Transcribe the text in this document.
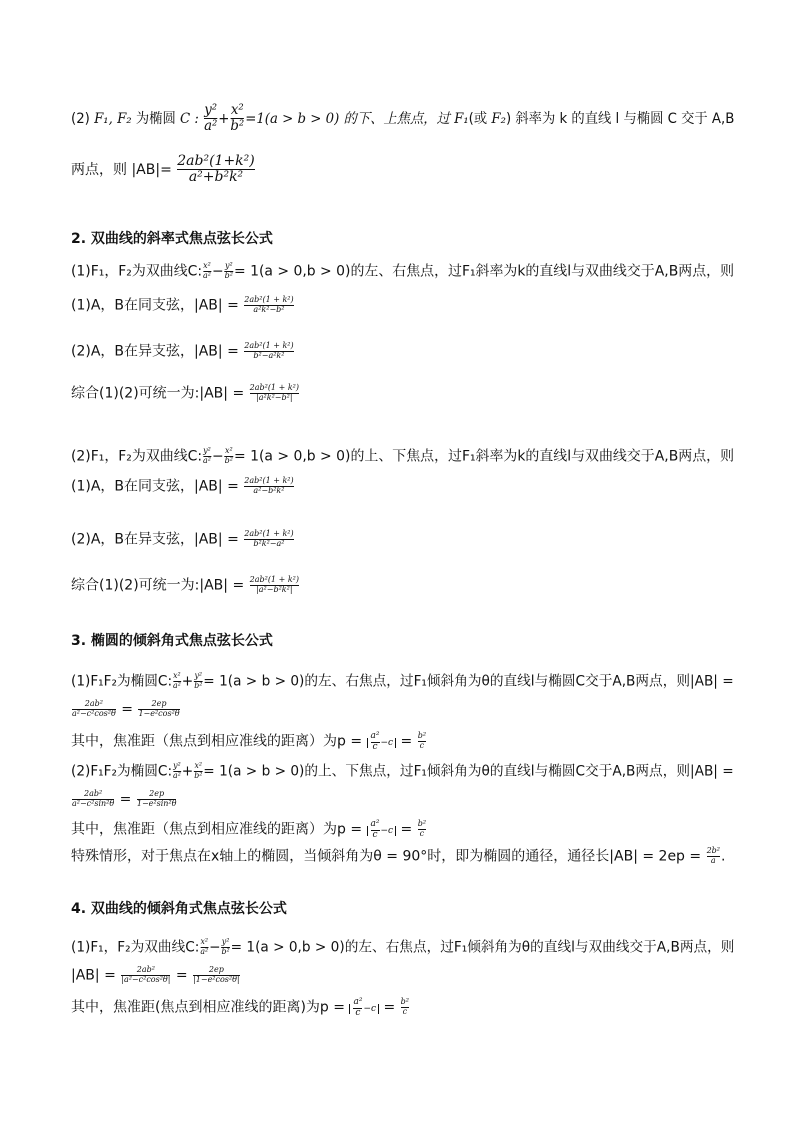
(2) F₁, F₂ 为椭圆 C : $\frac{\text{y²}}{\text{a²}} + \frac{\text{x²}}{\text{b²}} =1(a > b > 0)$ 的下、上焦点，过 F₁(或 F₂) 斜率为 k 的直线 l 与椭圆 C 交于 A,B
两点，则 $|AB|= \frac{\text{2ab²(1+k²)}}{\text{a²+b²k²}}$
2. 双曲线的斜率式焦点弦长公式
(1)F₁，F₂为双曲线C: $\frac{\text{x²}}{\text{a²}} - \frac{\text{y²}}{\text{b²}} = 1(a > 0,b > 0)$的左、右焦点，过F₁斜率为k的直线l与双曲线交于A,B两点，则
(1)A，B在同支弦，$|AB| = \frac{\text{2ab²(1 + k²)}}{\text{a²k²−b²}}$
(2)A，B在异支弦，$|AB| = \frac{\text{2ab²(1 + k²)}}{\text{b²−a²k²}}$
综合(1)(2)可统一为:|AB| = $\frac{\text{2ab²(1 + k²)}}{\text{|a²k²−b²|}}$
(2)F₁，F₂为双曲线C: $\frac{\text{y²}}{\text{a²}} - \frac{\text{x²}}{\text{b²}} = 1(a > 0,b > 0)$的上、下焦点，过F₁斜率为k的直线l与双曲线交于A,B两点，则
(1)A，B在同支弦，$|AB| = \frac{\text{2ab²(1 + k²)}}{\text{a²−b²k²}}$
(2)A，B在异支弦，$|AB| = \frac{\text{2ab²(1 + k²)}}{\text{b²k²−a²}}$
综合(1)(2)可统一为:|AB| = $\frac{\text{2ab²(1 + k²)}}{\text{|a²−b²k²|}}$
3. 椭圆的倾斜角式焦点弦长公式
(1)F₁F₂为椭圆C: $\frac{\text{x²}}{\text{a²}} + \frac{\text{y²}}{\text{b²}} = 1(a > b > 0)$的左、右焦点，过F₁倾斜角为θ的直线l与椭圆C交于A,B两点，则|AB| =
$\frac{\text{2ab²}}{\text{a²−c²cos²θ}} = \frac{2ep}{\text{1−e²cos²θ}}$
其中，焦准距（焦点到相应准线的距离）为$p = \frac{\text{a²}}{c} -c = \frac{\text{b²}}{c}$
(2)F₁F₂为椭圆C: $\frac{\text{y²}}{\text{a²}} + \frac{\text{x²}}{\text{b²}} = 1(a > b > 0)$的上、下焦点，过F₁倾斜角为θ的直线l与椭圆C交于A,B两点，则|AB| =
$\frac{\text{2ab²}}{\text{a²−c²sin²θ}} = \frac{2ep}{\text{1−e²sin²θ}}$
其中，焦准距（焦点到相应准线的距离）为$p = \frac{\text{a²}}{c} -c = \frac{\text{b²}}{c}$
特殊情形，对于焦点在x轴上的椭圆，当倾斜角为θ = 90°时，即为椭圆的通径，通径长$|AB| = 2ep = \frac{\text{2b²}}{a}$ .
4. 双曲线的倾斜角式焦点弦长公式
(1)F₁，F₂为双曲线C: $\frac{\text{x²}}{\text{a²}} - \frac{\text{y²}}{\text{b²}} = 1(a > 0,b > 0)$的左、右焦点，过F₁倾斜角为θ的直线l与双曲线交于A,B两点，则
$|AB| = \frac{\text{2ab²}}{\text{|a²−c²cos²θ|}} = \frac{2ep}{\text{|1−e²cos²θ|}}$
其中，焦准距(焦点到相应准线的距离)为$p = \frac{\text{a²}}{c} -c = \frac{\text{b²}}{c}$
